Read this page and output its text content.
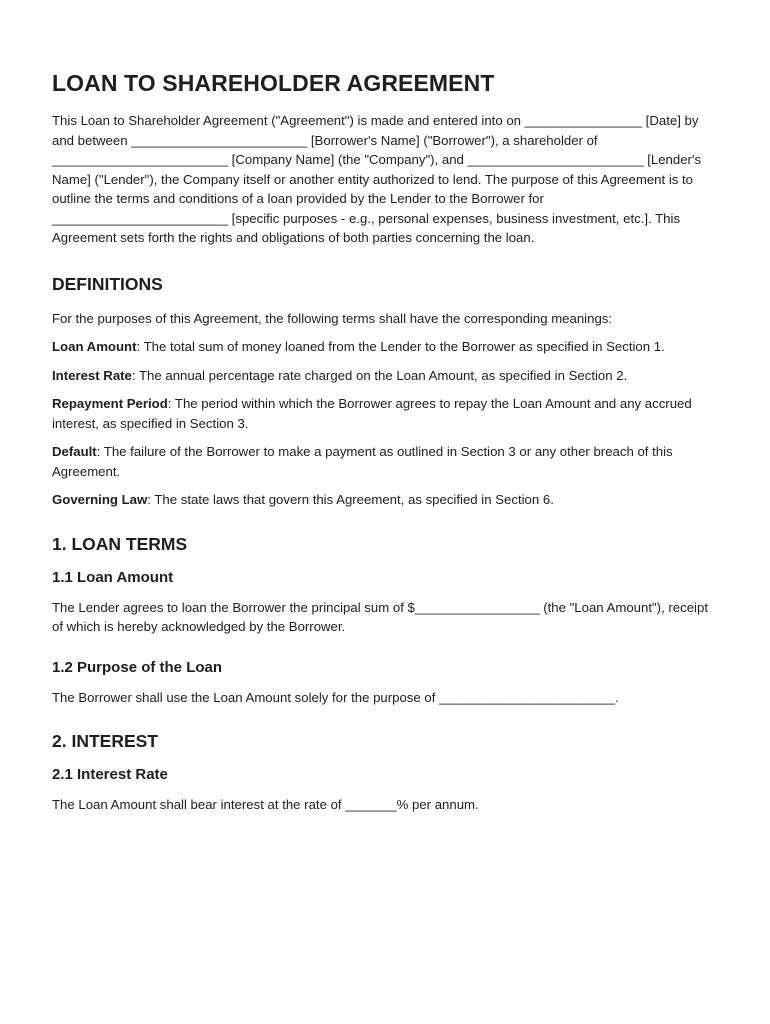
LOAN TO SHAREHOLDER AGREEMENT

This Loan to Shareholder Agreement ("Agreement") is made and entered into on ________________ [Date] by and between ________________________ [Borrower's Name] ("Borrower"), a shareholder of ________________________ [Company Name] (the "Company"), and ________________________ [Lender's Name] ("Lender"), the Company itself or another entity authorized to lend. The purpose of this Agreement is to outline the terms and conditions of a loan provided by the Lender to the Borrower for ________________________ [specific purposes - e.g., personal expenses, business investment, etc.]. This Agreement sets forth the rights and obligations of both parties concerning the loan.

DEFINITIONS

For the purposes of this Agreement, the following terms shall have the corresponding meanings:

Loan Amount: The total sum of money loaned from the Lender to the Borrower as specified in Section 1.

Interest Rate: The annual percentage rate charged on the Loan Amount, as specified in Section 2.

Repayment Period: The period within which the Borrower agrees to repay the Loan Amount and any accrued interest, as specified in Section 3.

Default: The failure of the Borrower to make a payment as outlined in Section 3 or any other breach of this Agreement.

Governing Law: The state laws that govern this Agreement, as specified in Section 6.

1. LOAN TERMS
1.1 Loan Amount

The Lender agrees to loan the Borrower the principal sum of $_________________ (the "Loan Amount"), receipt of which is hereby acknowledged by the Borrower.

1.2 Purpose of the Loan

The Borrower shall use the Loan Amount solely for the purpose of ________________________.

2. INTEREST
2.1 Interest Rate

The Loan Amount shall bear interest at the rate of _______% per annum.
